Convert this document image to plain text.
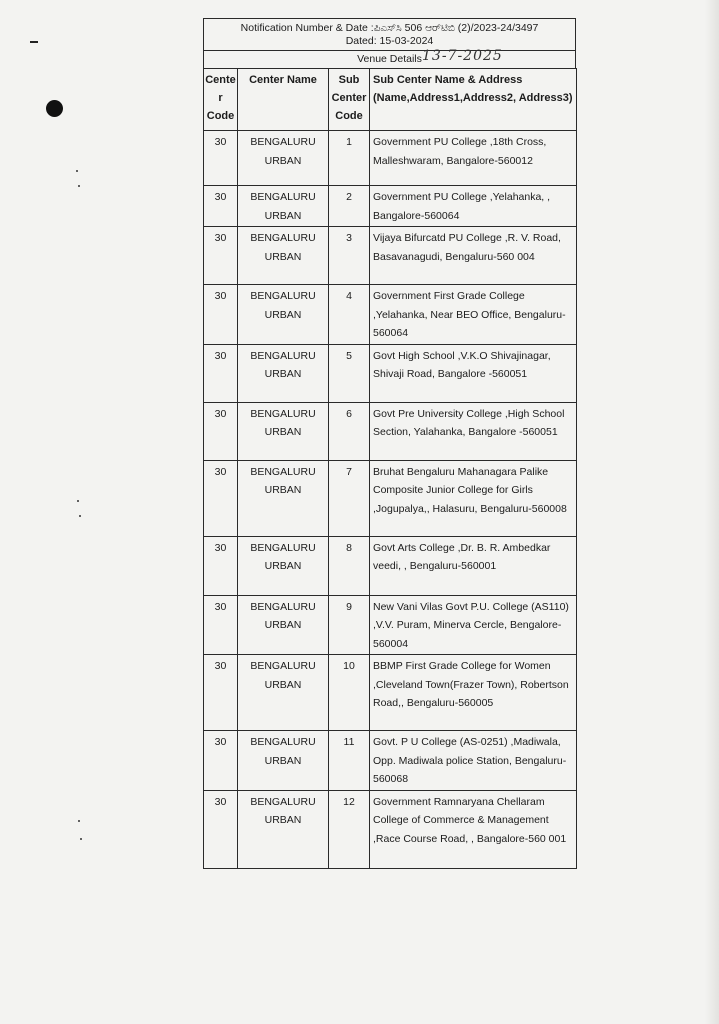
Notification Number & Date :ಪಿಎಸ್‌ಸಿ 506 ಆರ್‌ಟಿಬಿ (2)/2023-24/3497
Dated: 15-03-2024
Venue Details 13-7-2025
Cente r Code	Center Name	Sub Center Code	Sub Center Name & Address (Name,Address1,Address2, Address3)
30	BENGALURU URBAN	1	Government PU College ,18th Cross, Malleshwaram, Bangalore-560012
30	BENGALURU URBAN	2	Government PU College ,Yelahanka, , Bangalore-560064
30	BENGALURU URBAN	3	Vijaya Bifurcatd PU College ,R. V. Road, Basavanagudi, Bengaluru-560 004
30	BENGALURU URBAN	4	Government First Grade College ,Yelahanka, Near BEO Office, Bengaluru-560064
30	BENGALURU URBAN	5	Govt High School ,V.K.O Shivajinagar, Shivaji Road, Bangalore -560051
30	BENGALURU URBAN	6	Govt Pre University College ,High School Section, Yalahanka, Bangalore -560051
30	BENGALURU URBAN	7	Bruhat Bengaluru Mahanagara Palike Composite Junior College for Girls ,Jogupalya,, Halasuru, Bengaluru-560008
30	BENGALURU URBAN	8	Govt Arts College ,Dr. B. R. Ambedkar veedi, , Bengaluru-560001
30	BENGALURU URBAN	9	New Vani Vilas Govt P.U. College (AS110) ,V.V. Puram, Minerva Cercle, Bengalore-560004
30	BENGALURU URBAN	10	BBMP First Grade College for Women ,Cleveland Town(Frazer Town), Robertson Road,, Bengaluru-560005
30	BENGALURU URBAN	11	Govt. P U College (AS-0251) ,Madiwala, Opp. Madiwala police Station, Bengaluru-560068
30	BENGALURU URBAN	12	Government Ramnaryana Chellaram College of Commerce & Management ,Race Course Road, , Bangalore-560 001
